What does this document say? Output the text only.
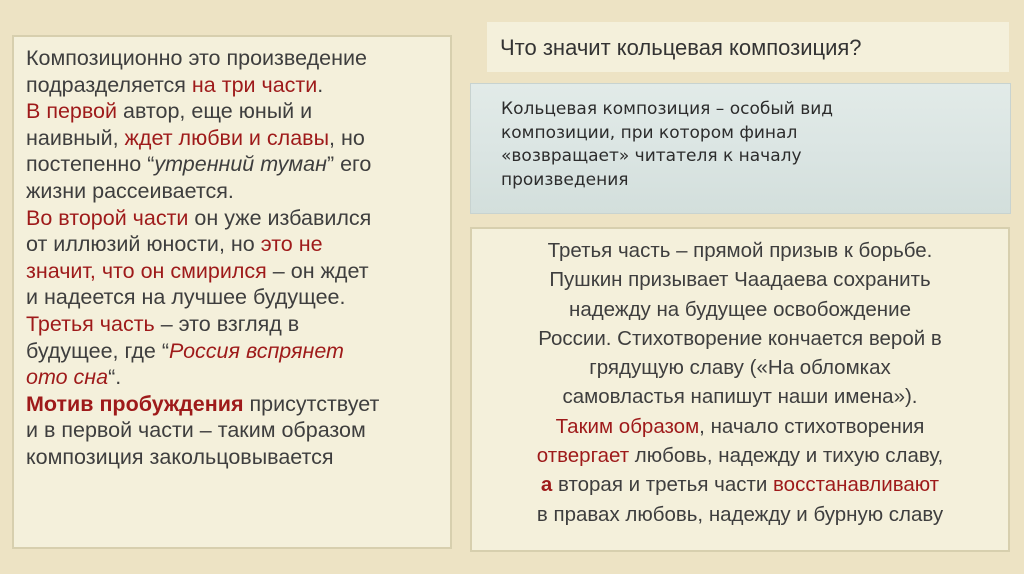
Композиционно это произведение

подразделяется на три части.

В первой автор, еще юный и

наивный, ждет любви и славы, но

постепенно “утренний туман” его

жизни рассеивается.

Во второй части он уже избавился

от иллюзий юности, но это не

значит, что он смирился – он ждет

и надеется на лучшее будущее.

Третья часть – это взгляд в

будущее, где “Россия вспрянет

ото сна“.

Мотив пробуждения присутствует

и в первой части – таким образом

композиция закольцовывается

Что значит кольцевая композиция?

Кольцевая композиция – особый вид

композиции, при котором финал

«возвращает» читателя к началу

произведения

Третья часть – прямой призыв к борьбе.

Пушкин призывает Чаадаева сохранить

надежду на будущее освобождение

России. Стихотворение кончается верой в

грядущую славу («На обломках

самовластья напишут наши имена»).

Таким образом, начало стихотворения

отвергает любовь, надежду и тихую славу,

а вторая и третья части восстанавливают

в правах любовь, надежду и бурную славу
